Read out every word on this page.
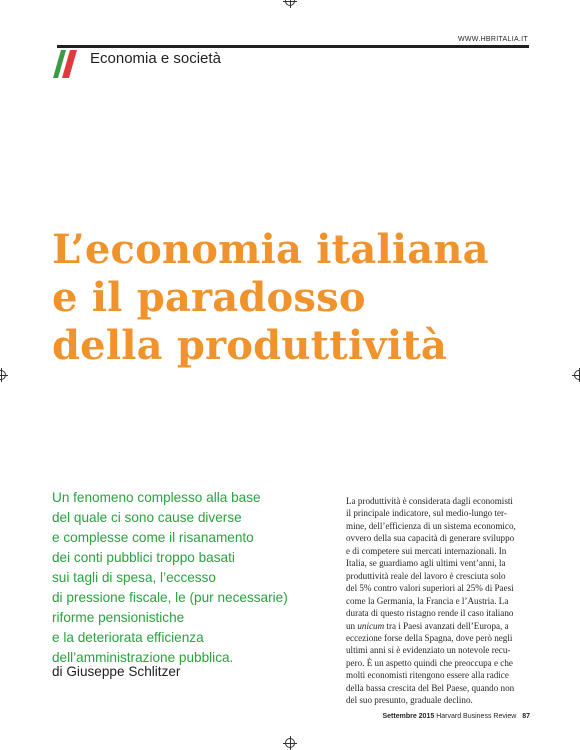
WWW.HBRITALIA.IT
Economia e società
L’economia italiana
e il paradosso
della produttività
Un fenomeno complesso alla base
del quale ci sono cause diverse
e complesse come il risanamento
dei conti pubblici troppo basati
sui tagli di spesa, l’eccesso
di pressione fiscale, le (pur necessarie)
riforme pensionistiche
e la deteriorata efficienza
dell’amministrazione pubblica.
di Giuseppe Schlitzer
La produttività è considerata dagli economisti
il principale indicatore, sul medio-lungo ter-
mine, dell’efficienza di un sistema economico,
ovvero della sua capacità di generare sviluppo
e di competere sui mercati internazionali. In
Italia, se guardiamo agli ultimi vent’anni, la
produttività reale del lavoro è cresciuta solo
del 5% contro valori superiori al 25% di Paesi
come la Germania, la Francia e l’Austria. La
durata di questo ristagno rende il caso italiano
un unicum tra i Paesi avanzati dell’Europa, a
eccezione forse della Spagna, dove però negli
ultimi anni si è evidenziato un notevole recu-
pero. È un aspetto quindi che preoccupa e che
molti economisti ritengono essere alla radice
della bassa crescita del Bel Paese, quando non
del suo presunto, graduale declino.
Settembre 2015 Harvard Business Review 87
